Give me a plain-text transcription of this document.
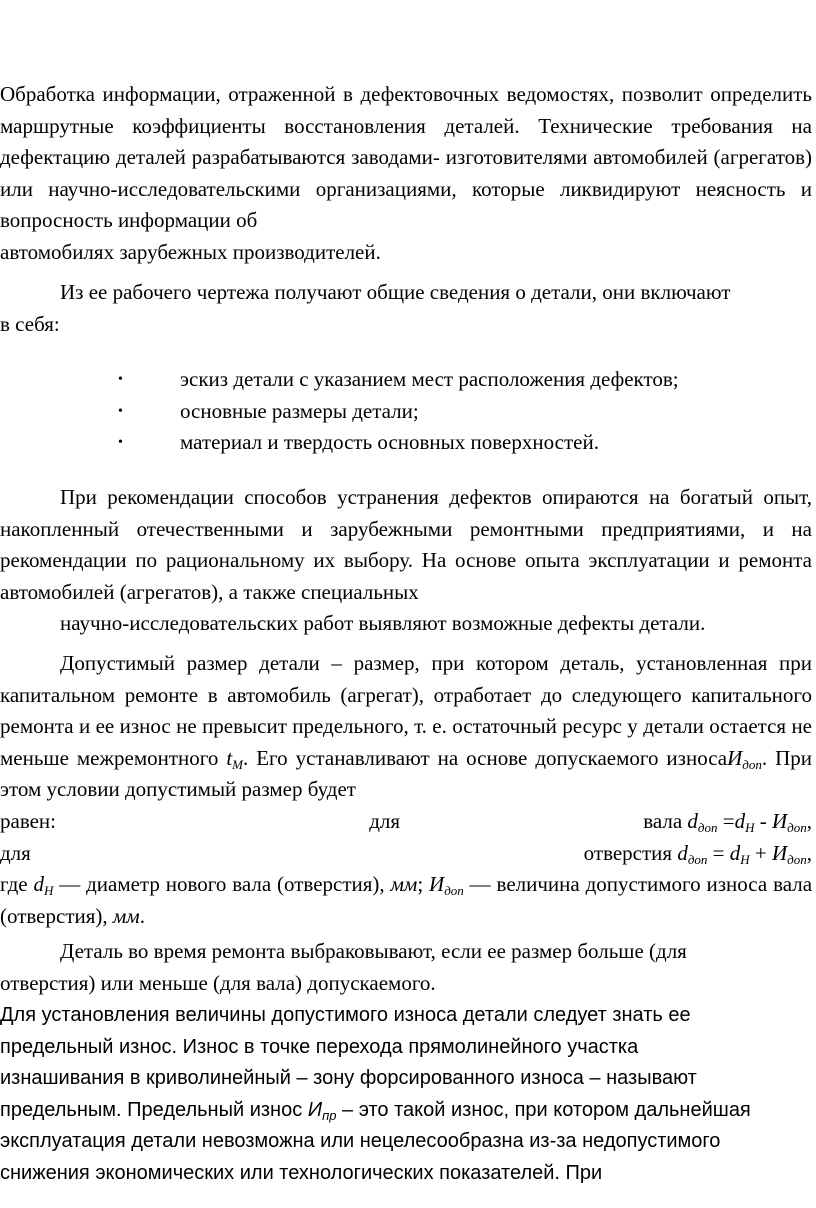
Обработка информации, отраженной в дефектовочных ведомостях, позволит определить маршрутные коэффициенты восстановления деталей. Технические требования на дефектацию деталей разрабатываются заводами- изготовителями автомобилей (агрегатов) или научно-исследовательскими организациями, которые ликвидируют неясность и вопросность информации об
автомобилях зарубежных производителей.

Из ее рабочего чертежа получают общие сведения о детали, они включают
в себя:

•	эскиз детали с указанием мест расположения дефектов;
•	основные размеры детали;
•	материал и твердость основных поверхностей.

При рекомендации способов устранения дефектов опираются на богатый опыт, накопленный отечественными и зарубежными ремонтными предприятиями, и на рекомендации по рациональному их выбору. На основе опыта эксплуатации и ремонта автомобилей (агрегатов), а также специальных
научно-исследовательских работ выявляют возможные дефекты детали.

Допустимый размер детали – размер, при котором деталь, установленная при капитальном ремонте в автомобиль (агрегат), отработает до следующего капитального ремонта и ее износ не превысит предельного, т. е. остаточный ресурс у детали остается не меньше межремонтного $t_М$. Его устанавливают на основе допускаемого износаИ$_{доп}$. При этом условии допустимый размер будет
равен:	для	вала $d_{доп} =d_Н - И_{доп}$,
для	отверстия $d_{доп} = d_Н + И_{доп}$,
где $d_Н$ — диаметр нового вала (отверстия), мм; $И_{доп}$ — величина допустимого износа вала (отверстия), мм.

Деталь во время ремонта выбраковывают, если ее размер больше (для
отверстия) или меньше (для вала) допускаемого.

Для установления величины допустимого износа детали следует знать ее
предельный износ. Износ в точке перехода прямолинейного участка
изнашивания в криволинейный – зону форсированного износа – называют
предельным. Предельный износ $И_{пр}$ – это такой износ, при котором дальнейшая
эксплуатация детали невозможна или нецелесообразна из-за недопустимого
снижения экономических или технологических показателей. При
